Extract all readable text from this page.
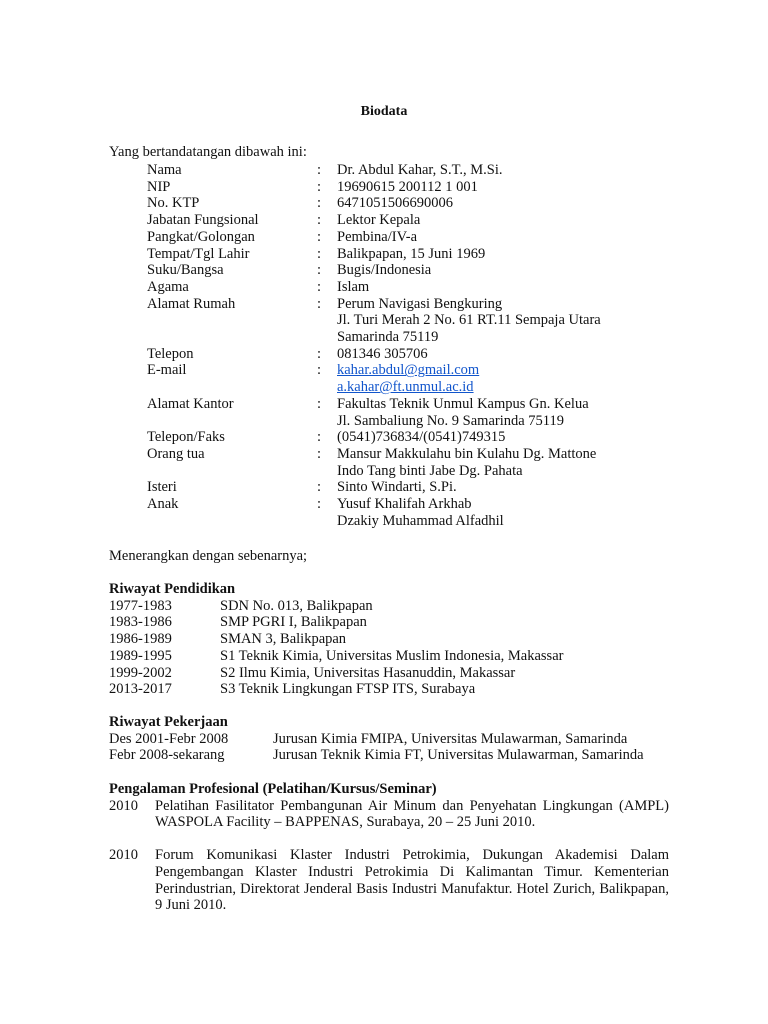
Biodata
Yang bertandatangan dibawah ini:
Nama	:	Dr. Abdul Kahar, S.T., M.Si.
NIP	:	19690615 200112 1 001
No. KTP	:	6471051506690006
Jabatan Fungsional	:	Lektor Kepala
Pangkat/Golongan	:	Pembina/IV-a
Tempat/Tgl Lahir	:	Balikpapan, 15 Juni 1969
Suku/Bangsa	:	Bugis/Indonesia
Agama	:	Islam
Alamat Rumah	:	Perum Navigasi Bengkuring
Jl. Turi Merah 2 No. 61 RT.11 Sempaja Utara
Samarinda 75119
Telepon	:	081346 305706
E-mail	:	kahar.abdul@gmail.com
a.kahar@ft.unmul.ac.id
Alamat Kantor	:	Fakultas Teknik Unmul Kampus Gn. Kelua
Jl. Sambaliung No. 9 Samarinda 75119
Telepon/Faks	:	(0541)736834/(0541)749315
Orang tua	:	Mansur Makkulahu bin Kulahu Dg. Mattone
Indo Tang binti Jabe Dg. Pahata
Isteri	:	Sinto Windarti, S.Pi.
Anak	:	Yusuf Khalifah Arkhab
Dzakiy Muhammad Alfadhil
Menerangkan dengan sebenarnya;
Riwayat Pendidikan
1977-1983	SDN No. 013, Balikpapan
1983-1986	SMP PGRI I, Balikpapan
1986-1989	SMAN 3, Balikpapan
1989-1995	S1 Teknik Kimia, Universitas Muslim Indonesia, Makassar
1999-2002	S2 Ilmu Kimia, Universitas Hasanuddin, Makassar
2013-2017	S3 Teknik Lingkungan FTSP ITS, Surabaya
Riwayat Pekerjaan
Des 2001-Febr 2008	Jurusan Kimia FMIPA, Universitas Mulawarman, Samarinda
Febr 2008-sekarang	Jurusan Teknik Kimia FT, Universitas Mulawarman, Samarinda
Pengalaman Profesional (Pelatihan/Kursus/Seminar)
2010	Pelatihan Fasilitator Pembangunan Air Minum dan Penyehatan Lingkungan (AMPL) WASPOLA Facility – BAPPENAS, Surabaya, 20 – 25 Juni 2010.
2010	Forum Komunikasi Klaster Industri Petrokimia, Dukungan Akademisi Dalam Pengembangan Klaster Industri Petrokimia Di Kalimantan Timur. Kementerian Perindustrian, Direktorat Jenderal Basis Industri Manufaktur. Hotel Zurich, Balikpapan, 9 Juni 2010.
